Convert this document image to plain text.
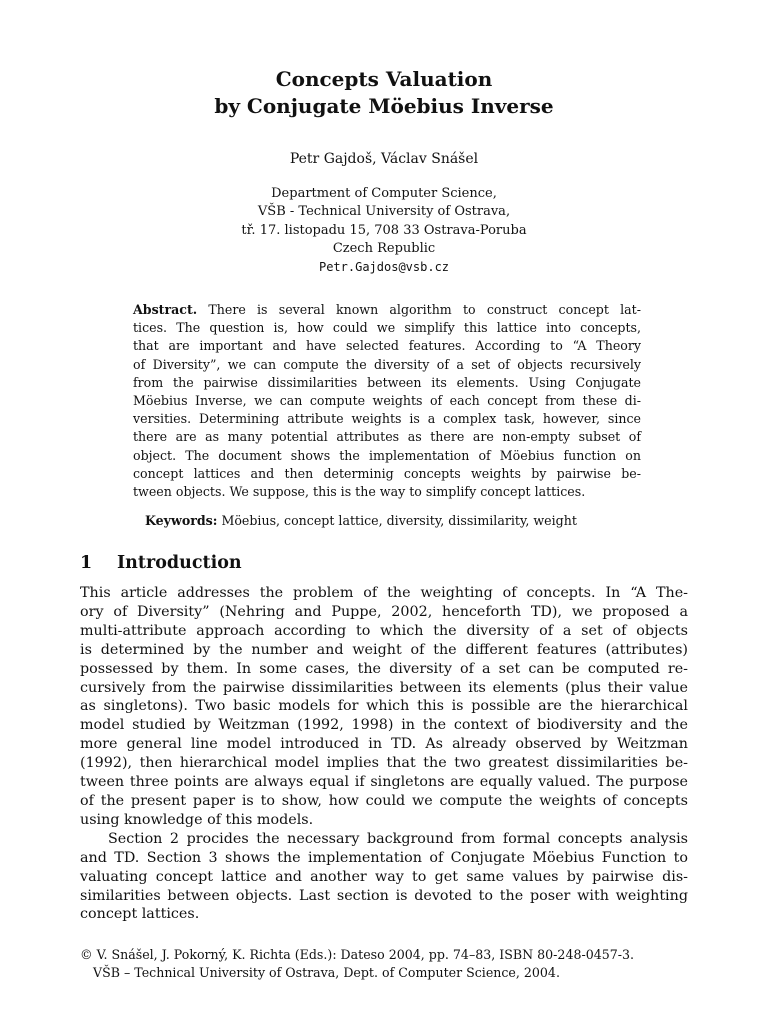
Concepts Valuation
by Conjugate Möebius Inverse
Petr Gajdoš, Václav Snášel
Department of Computer Science,
VŠB - Technical University of Ostrava,
tř. 17. listopadu 15, 708 33 Ostrava-Poruba
Czech Republic
Petr.Gajdos@vsb.cz
Abstract. There is several known algorithm to construct concept lat-
tices. The question is, how could we simplify this lattice into concepts,
that are important and have selected features. According to “A Theory
of Diversity”, we can compute the diversity of a set of objects recursively
from the pairwise dissimilarities between its elements. Using Conjugate
Möebius Inverse, we can compute weights of each concept from these di-
versities. Determining attribute weights is a complex task, however, since
there are as many potential attributes as there are non-empty subset of
object. The document shows the implementation of Möebius function on
concept lattices and then determinig concepts weights by pairwise be-
tween objects. We suppose, this is the way to simplify concept lattices.
Keywords: Möebius, concept lattice, diversity, dissimilarity, weight
1 Introduction
This article addresses the problem of the weighting of concepts. In “A The-
ory of Diversity” (Nehring and Puppe, 2002, henceforth TD), we proposed a
multi-attribute approach according to which the diversity of a set of objects
is determined by the number and weight of the different features (attributes)
possessed by them. In some cases, the diversity of a set can be computed re-
cursively from the pairwise dissimilarities between its elements (plus their value
as singletons). Two basic models for which this is possible are the hierarchical
model studied by Weitzman (1992, 1998) in the context of biodiversity and the
more general line model introduced in TD. As already observed by Weitzman
(1992), then hierarchical model implies that the two greatest dissimilarities be-
tween three points are always equal if singletons are equally valued. The purpose
of the present paper is to show, how could we compute the weights of concepts
using knowledge of this models.
Section 2 procides the necessary background from formal concepts analysis
and TD. Section 3 shows the implementation of Conjugate Möebius Function to
valuating concept lattice and another way to get same values by pairwise dis-
similarities between objects. Last section is devoted to the poser with weighting
concept lattices.
© V. Snášel, J. Pokorný, K. Richta (Eds.): Dateso 2004, pp. 74–83, ISBN 80-248-0457-3.
VŠB – Technical University of Ostrava, Dept. of Computer Science, 2004.
